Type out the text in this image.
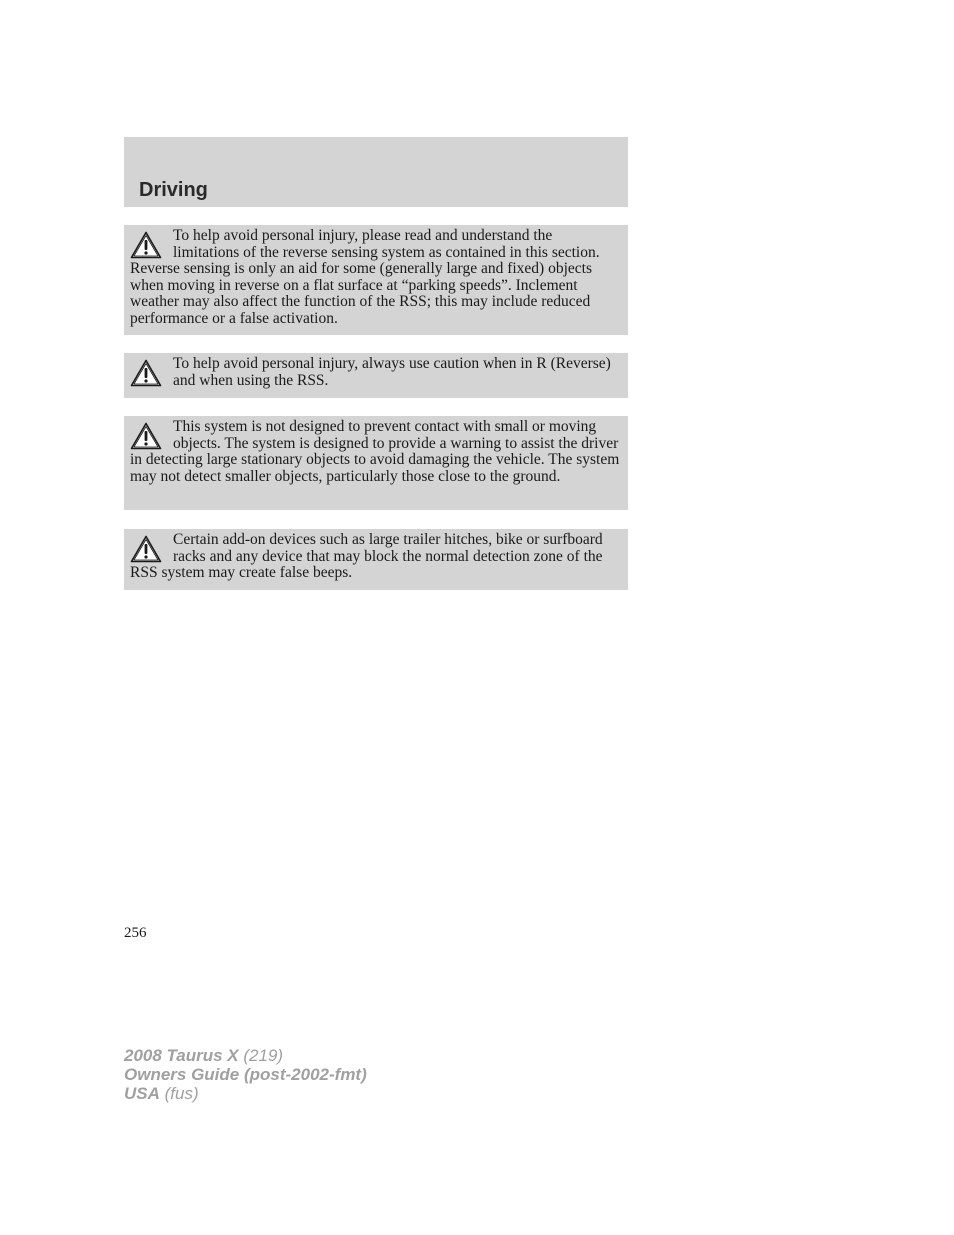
Driving

To help avoid personal injury, please read and understand the limitations of the reverse sensing system as contained in this section. Reverse sensing is only an aid for some (generally large and fixed) objects when moving in reverse on a flat surface at “parking speeds”. Inclement weather may also affect the function of the RSS; this may include reduced performance or a false activation.

To help avoid personal injury, always use caution when in R (Reverse) and when using the RSS.

This system is not designed to prevent contact with small or moving objects. The system is designed to provide a warning to assist the driver in detecting large stationary objects to avoid damaging the vehicle. The system may not detect smaller objects, particularly those close to the ground.

Certain add-on devices such as large trailer hitches, bike or surfboard racks and any device that may block the normal detection zone of the RSS system may create false beeps.

256
2008 Taurus X (219)
Owners Guide (post-2002-fmt)
USA (fus)
